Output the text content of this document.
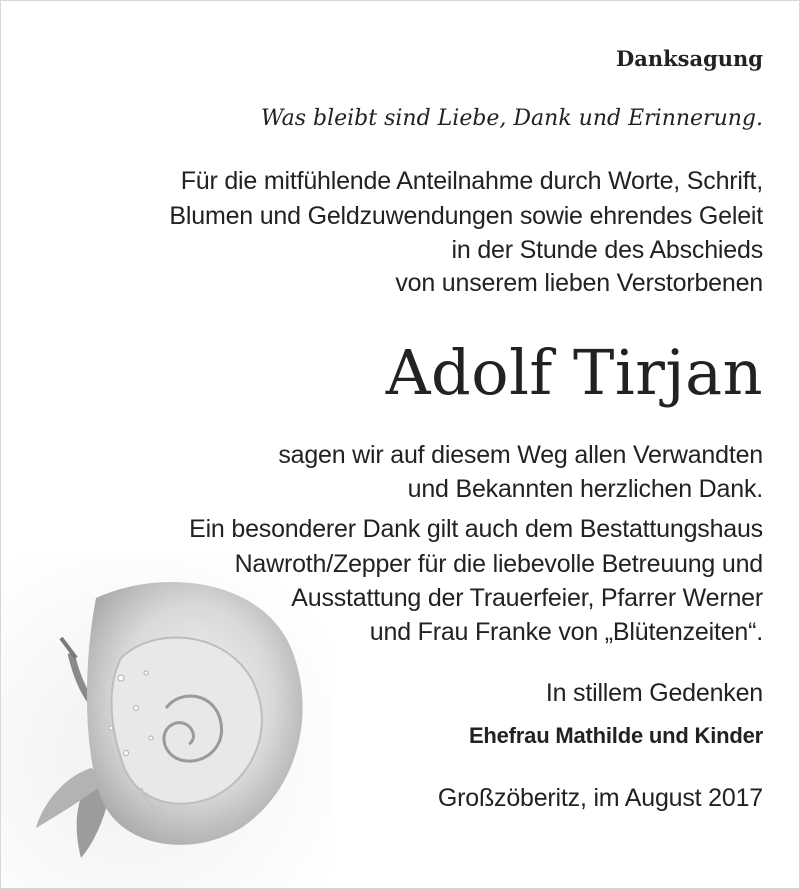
Danksagung
Was bleibt sind Liebe, Dank und Erinnerung.
Für die mitfühlende Anteilnahme durch Worte, Schrift,
Blumen und Geldzuwendungen sowie ehrendes Geleit
in der Stunde des Abschieds
von unserem lieben Verstorbenen
Adolf Tirjan
sagen wir auf diesem Weg allen Verwandten
und Bekannten herzlichen Dank.
Ein besonderer Dank gilt auch dem Bestattungshaus
Nawroth/Zepper für die liebevolle Betreuung und
Ausstattung der Trauerfeier, Pfarrer Werner
und Frau Franke von „Blütenzeiten“.
In stillem Gedenken
Ehefrau Mathilde und Kinder
Großzöberitz, im August 2017
